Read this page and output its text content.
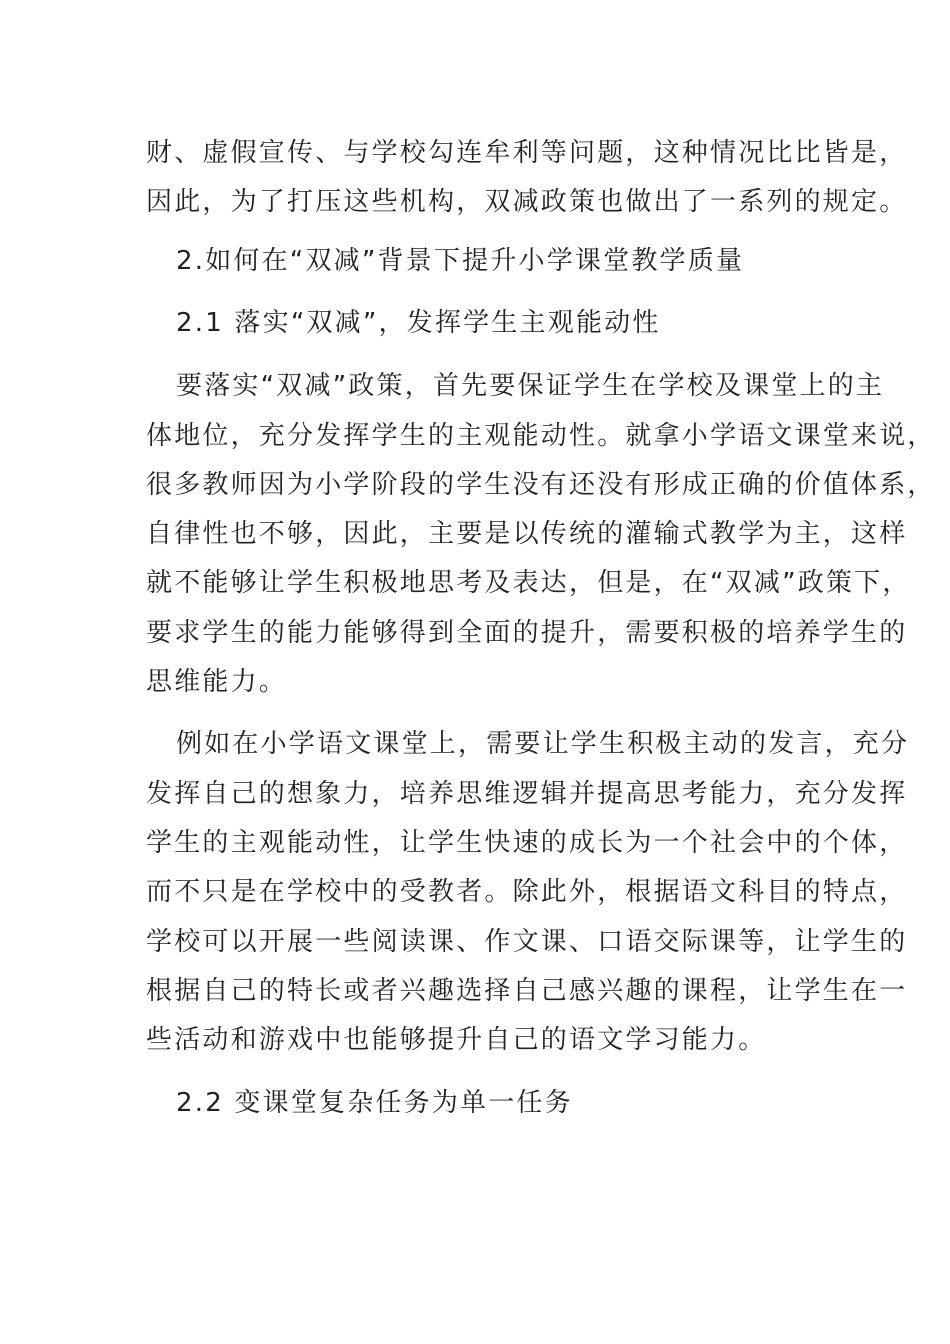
财、虚假宣传、与学校勾连牟利等问题，这种情况比比皆是，
因此，为了打压这些机构，双减政策也做出了一系列的规定。
2.如何在“双减”背景下提升小学课堂教学质量
2.1 落实“双减”，发挥学生主观能动性
要落实“双减”政策，首先要保证学生在学校及课堂上的主
体地位，充分发挥学生的主观能动性。就拿小学语文课堂来说，
很多教师因为小学阶段的学生没有还没有形成正确的价值体系，
自律性也不够，因此，主要是以传统的灌输式教学为主，这样
就不能够让学生积极地思考及表达，但是，在“双减”政策下，
要求学生的能力能够得到全面的提升，需要积极的培养学生的
思维能力。
例如在小学语文课堂上，需要让学生积极主动的发言，充分
发挥自己的想象力，培养思维逻辑并提高思考能力，充分发挥
学生的主观能动性，让学生快速的成长为一个社会中的个体，
而不只是在学校中的受教者。除此外，根据语文科目的特点，
学校可以开展一些阅读课、作文课、口语交际课等，让学生的
根据自己的特长或者兴趣选择自己感兴趣的课程，让学生在一
些活动和游戏中也能够提升自己的语文学习能力。
2.2 变课堂复杂任务为单一任务
